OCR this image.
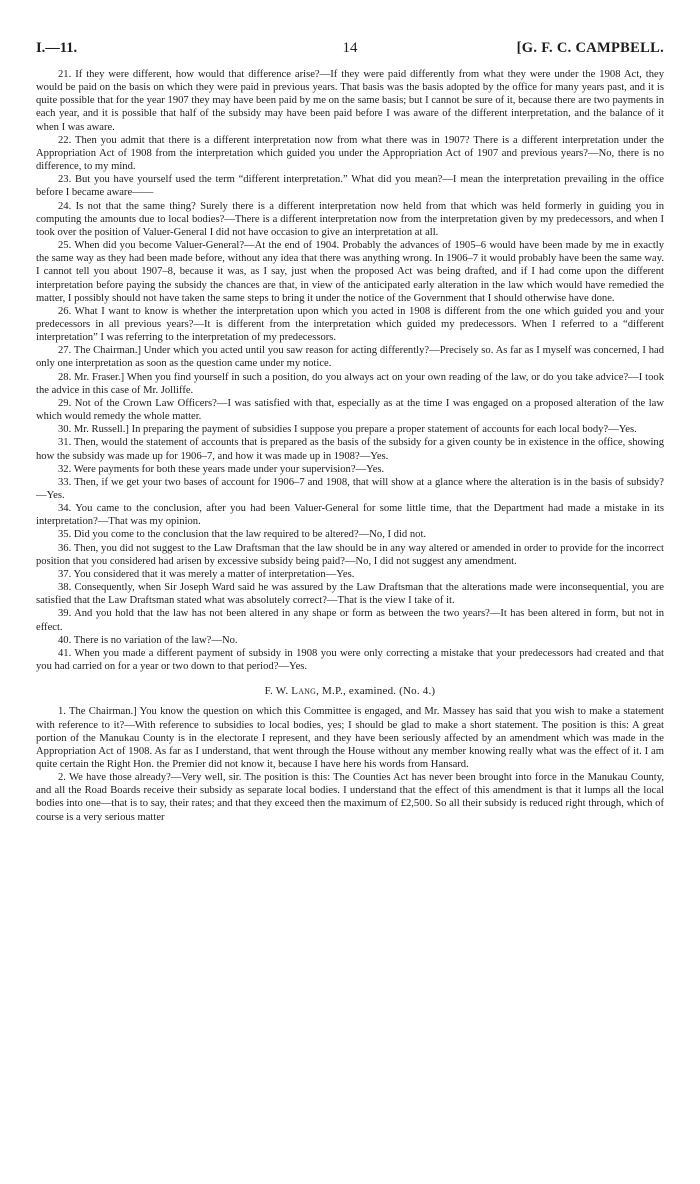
I.—11.	14	[G. F. C. CAMPBELL.

21. If they were different, how would that difference arise?—If they were paid differently from what they were under the 1908 Act, they would be paid on the basis on which they were paid in previous years. That basis was the basis adopted by the office for many years past, and it is quite possible that for the year 1907 they may have been paid by me on the same basis; but I cannot be sure of it, because there are two payments in each year, and it is possible that half of the subsidy may have been paid before I was aware of the different interpretation, and the balance of it when I was aware.

22. Then you admit that there is a different interpretation now from what there was in 1907? There is a different interpretation under the Appropriation Act of 1908 from the interpretation which guided you under the Appropriation Act of 1907 and previous years?—No, there is no difference, to my mind.

23. But you have yourself used the term “different interpretation.” What did you mean?—I mean the interpretation prevailing in the office before I became aware——

24. Is not that the same thing? Surely there is a different interpretation now held from that which was held formerly in guiding you in computing the amounts due to local bodies?—There is a different interpretation now from the interpretation given by my predecessors, and when I took over the position of Valuer-General I did not have occasion to give an interpretation at all.

25. When did you become Valuer-General?—At the end of 1904. Probably the advances of 1905–6 would have been made by me in exactly the same way as they had been made before, without any idea that there was anything wrong. In 1906–7 it would probably have been the same way. I cannot tell you about 1907–8, because it was, as I say, just when the proposed Act was being drafted, and if I had come upon the different interpretation before paying the subsidy the chances are that, in view of the anticipated early alteration in the law which would have remedied the matter, I possibly should not have taken the same steps to bring it under the notice of the Government that I should otherwise have done.

26. What I want to know is whether the interpretation upon which you acted in 1908 is different from the one which guided you and your predecessors in all previous years?—It is different from the interpretation which guided my predecessors. When I referred to a “different interpretation” I was referring to the interpretation of my predecessors.

27. The Chairman.] Under which you acted until you saw reason for acting differently?—Precisely so. As far as I myself was concerned, I had only one interpretation as soon as the question came under my notice.

28. Mr. Fraser.] When you find yourself in such a position, do you always act on your own reading of the law, or do you take advice?—I took the advice in this case of Mr. Jolliffe.

29. Not of the Crown Law Officers?—I was satisfied with that, especially as at the time I was engaged on a proposed alteration of the law which would remedy the whole matter.

30. Mr. Russell.] In preparing the payment of subsidies I suppose you prepare a proper statement of accounts for each local body?—Yes.

31. Then, would the statement of accounts that is prepared as the basis of the subsidy for a given county be in existence in the office, showing how the subsidy was made up for 1906–7, and how it was made up in 1908?—Yes.

32. Were payments for both these years made under your supervision?—Yes.

33. Then, if we get your two bases of account for 1906–7 and 1908, that will show at a glance where the alteration is in the basis of subsidy?—Yes.

34. You came to the conclusion, after you had been Valuer-General for some little time, that the Department had made a mistake in its interpretation?—That was my opinion.

35. Did you come to the conclusion that the law required to be altered?—No, I did not.

36. Then, you did not suggest to the Law Draftsman that the law should be in any way altered or amended in order to provide for the incorrect position that you considered had arisen by excessive subsidy being paid?—No, I did not suggest any amendment.

37. You considered that it was merely a matter of interpretation—Yes.

38. Consequently, when Sir Joseph Ward said he was assured by the Law Draftsman that the alterations made were inconsequential, you are satisfied that the Law Draftsman stated what was absolutely correct?—That is the view I take of it.

39. And you hold that the law has not been altered in any shape or form as between the two years?—It has been altered in form, but not in effect.

40. There is no variation of the law?—No.

41. When you made a different payment of subsidy in 1908 you were only correcting a mistake that your predecessors had created and that you had carried on for a year or two down to that period?—Yes.

F. W. Lang, M.P., examined. (No. 4.)

1. The Chairman.] You know the question on which this Committee is engaged, and Mr. Massey has said that you wish to make a statement with reference to it?—With reference to subsidies to local bodies, yes; I should be glad to make a short statement. The position is this: A great portion of the Manukau County is in the electorate I represent, and they have been seriously affected by an amendment which was made in the Appropriation Act of 1908. As far as I understand, that went through the House without any member knowing really what was the effect of it. I am quite certain the Right Hon. the Premier did not know it, because I have here his words from Hansard.

2. We have those already?—Very well, sir. The position is this: The Counties Act has never been brought into force in the Manukau County, and all the Road Boards receive their subsidy as separate local bodies. I understand that the effect of this amendment is that it lumps all the local bodies into one—that is to say, their rates; and that they exceed then the maximum of £2,500. So all their subsidy is reduced right through, which of course is a very serious matter
